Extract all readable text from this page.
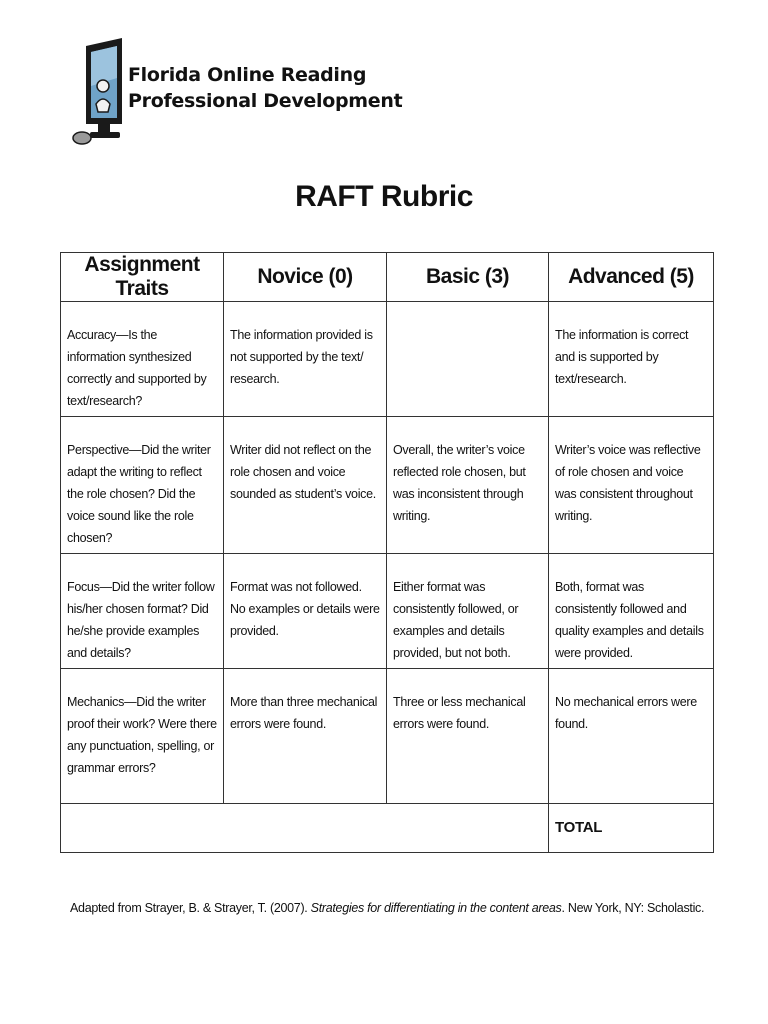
Florida Online Reading
Professional Development
RAFT Rubric
Assignment Traits	Novice (0)	Basic (3)	Advanced (5)
Accuracy—Is the information synthesized correctly and supported by text/research?	The information provided is not supported by the text/ research.		The information is correct and is supported by text/research.
Perspective—Did the writer adapt the writing to reflect the role chosen? Did the voice sound like the role chosen?	Writer did not reflect on the role chosen and voice sounded as student’s voice.	Overall, the writer’s voice reflected role chosen, but was inconsistent through writing.	Writer’s voice was reflective of role chosen and voice was consistent throughout writing.
Focus—Did the writer follow his/her chosen format? Did he/she provide examples and details?	Format was not followed. No examples or details were provided.	Either format was consistently followed, or examples and details provided, but not both.	Both, format was consistently followed and quality examples and details were provided.
Mechanics—Did the writer proof their work? Were there any punctuation, spelling, or grammar errors?	More than three mechanical errors were found.	Three or less mechanical errors were found.	No mechanical errors were found.
			TOTAL
Adapted from Strayer, B. & Strayer, T. (2007). Strategies for differentiating in the content areas. New York, NY: Scholastic.
